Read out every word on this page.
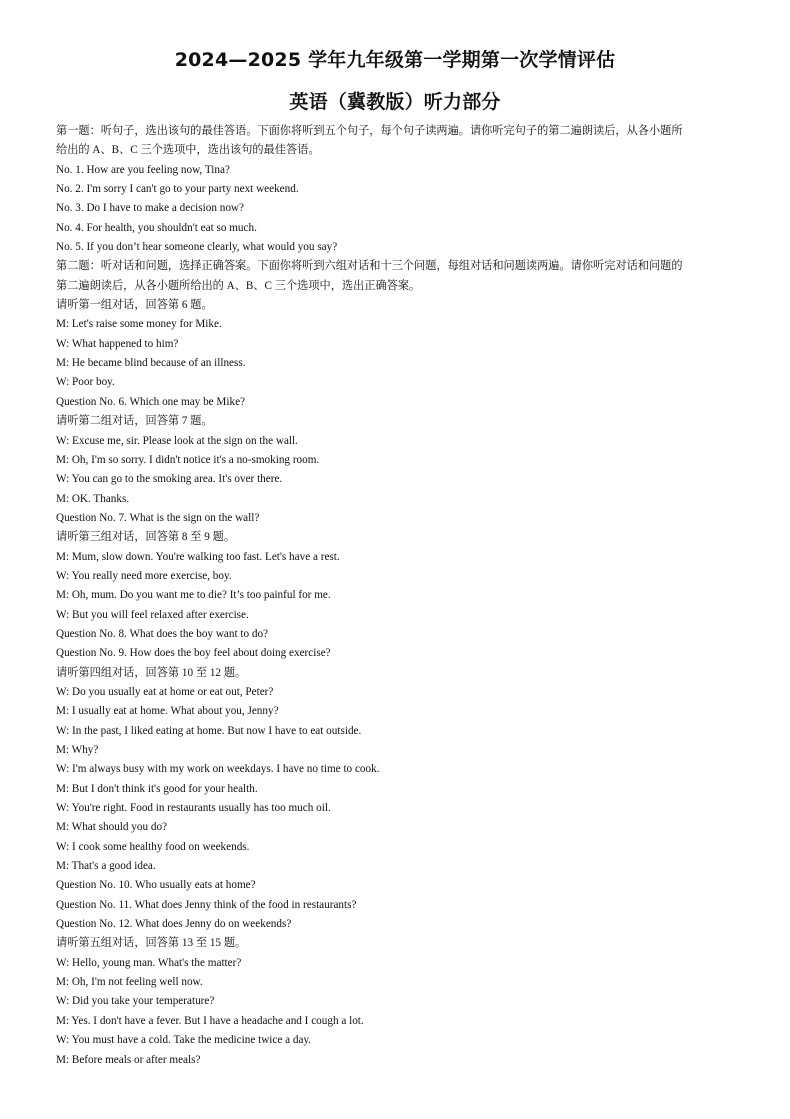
2024—2025 学年九年级第一学期第一次学情评估
英语（冀教版）听力部分

第一题：听句子，选出该句的最佳答语。下面你将听到五个句子，每个句子读两遍。请你听完句子的第二遍朗读后，从各小题所

给出的 A、B、C 三个选项中，选出该句的最佳答语。

No. 1. How are you feeling now, Tina?

No. 2. I'm sorry I can't go to your party next weekend.

No. 3. Do I have to make a decision now?

No. 4. For health, you shouldn't eat so much.

No. 5. If you don’t hear someone clearly, what would you say?

第二题：听对话和问题，选择正确答案。下面你将听到六组对话和十三个问题，每组对话和问题读两遍。请你听完对话和问题的

第二遍朗读后，从各小题所给出的 A、B、C 三个选项中，选出正确答案。

请听第一组对话，回答第 6 题。

M: Let's raise some money for Mike.

W: What happened to him?

M: He became blind because of an illness.

W: Poor boy.

Question No. 6. Which one may be Mike?

请听第二组对话，回答第 7 题。

W: Excuse me, sir. Please look at the sign on the wall.

M: Oh, I'm so sorry. I didn't notice it's a no-smoking room.

W: You can go to the smoking area. It's over there.

M: OK. Thanks.

Question No. 7. What is the sign on the wall?

请听第三组对话，回答第 8 至 9 题。

M: Mum, slow down. You're walking too fast. Let's have a rest.

W: You really need more exercise, boy.

M: Oh, mum. Do you want me to die? It’s too painful for me.

W: But you will feel relaxed after exercise.

Question No. 8. What does the boy want to do?

Question No. 9. How does the boy feel about doing exercise?

请听第四组对话，回答第 10 至 12 题。

W: Do you usually eat at home or eat out, Peter?

M: I usually eat at home. What about you, Jenny?

W: In the past, I liked eating at home. But now I have to eat outside.

M: Why?

W: I'm always busy with my work on weekdays. I have no time to cook.

M: But I don't think it's good for your health.

W: You're right. Food in restaurants usually has too much oil.

M: What should you do?

W: I cook some healthy food on weekends.

M: That's a good idea.

Question No. 10. Who usually eats at home?

Question No. 11. What does Jenny think of the food in restaurants?

Question No. 12. What does Jenny do on weekends?

请听第五组对话，回答第 13 至 15 题。

W: Hello, young man. What's the matter?

M: Oh, I'm not feeling well now.

W: Did you take your temperature?

M: Yes. I don't have a fever. But I have a headache and I cough a lot.

W: You must have a cold. Take the medicine twice a day.

M: Before meals or after meals?
